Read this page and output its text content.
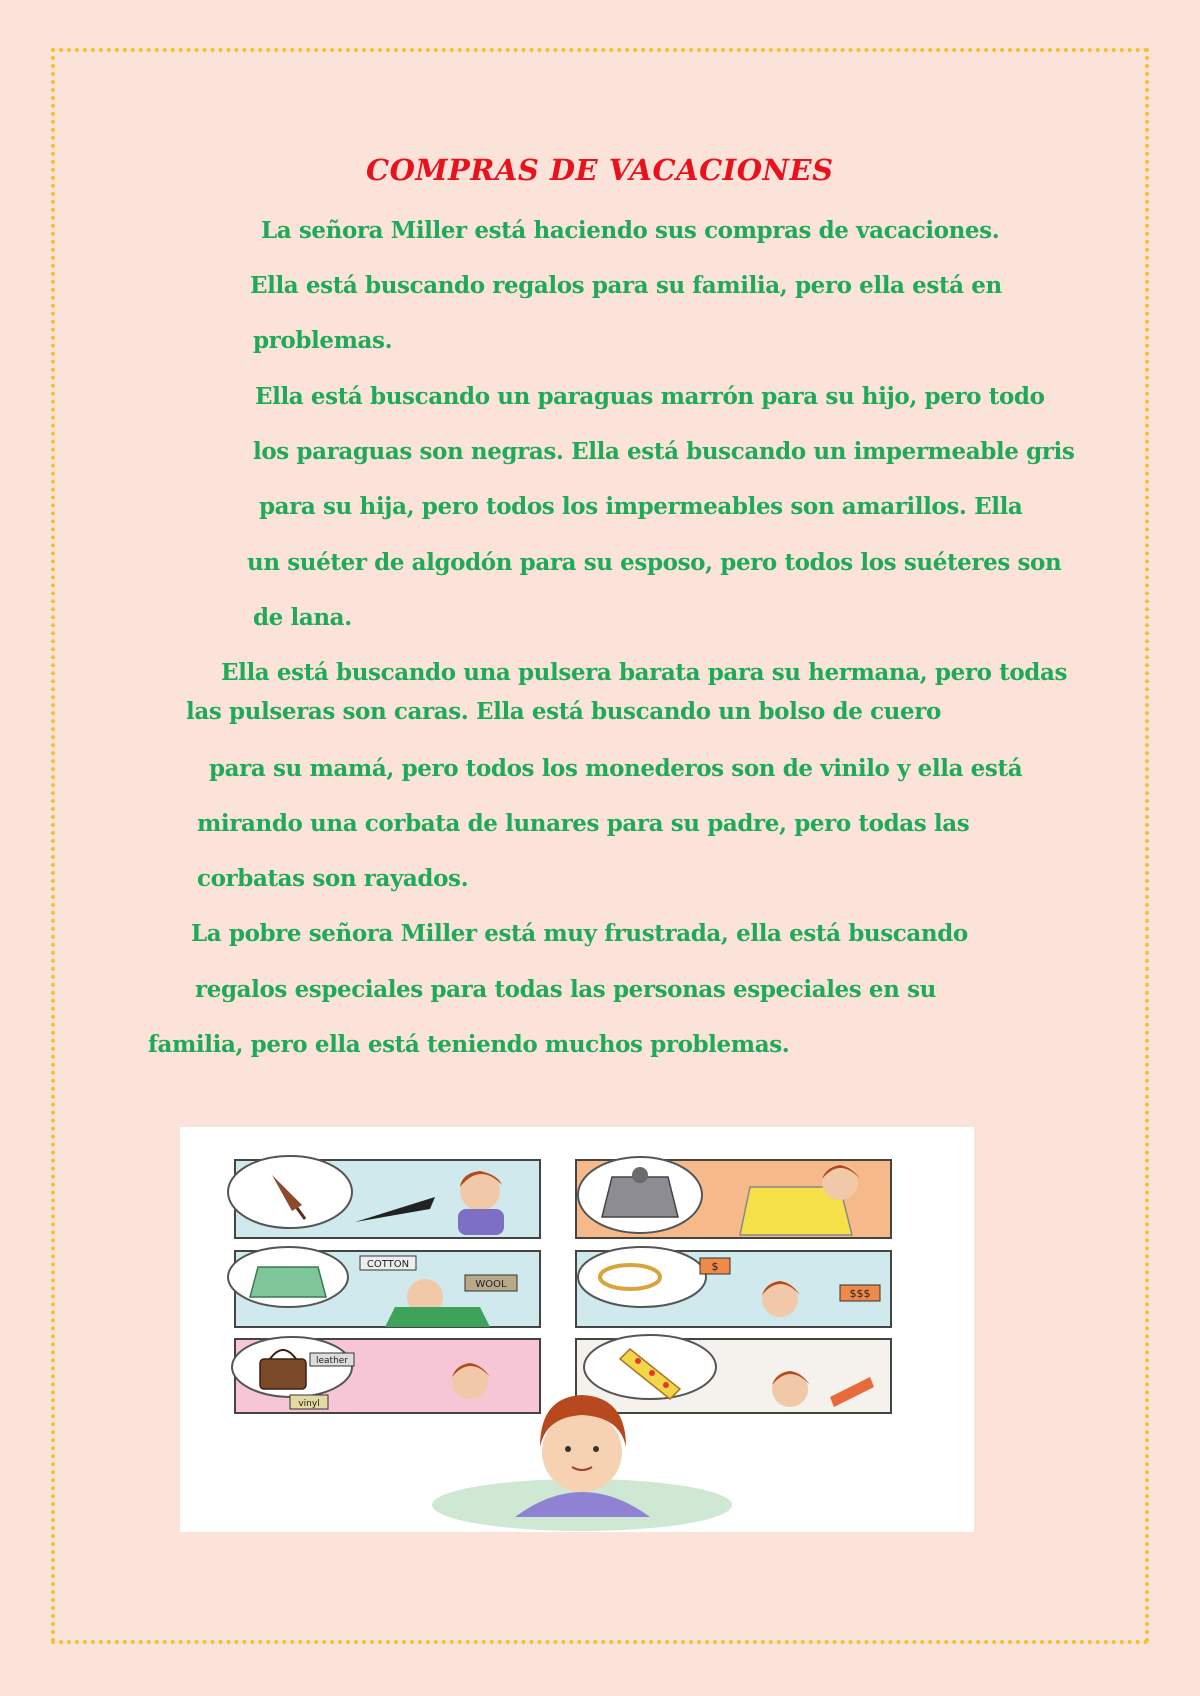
COMPRAS DE VACACIONES

La señora Miller está haciendo sus compras de vacaciones.

Ella está buscando regalos para su familia, pero ella está en

problemas.

Ella está buscando un paraguas marrón para su hijo, pero todo

los paraguas son negras. Ella está buscando un impermeable gris

para su hija, pero todos los impermeables son amarillos. Ella

un suéter de algodón para su esposo, pero todos los suéteres son

de lana.

Ella está buscando una pulsera barata para su hermana, pero todas

las pulseras son caras. Ella está buscando un bolso de cuero

para su mamá, pero todos los monederos son de vinilo y ella está

mirando una corbata de lunares para su padre, pero todas las

corbatas son rayados.

La pobre señora Miller está muy frustrada, ella está buscando

regalos especiales para todas las personas especiales en su

familia, pero ella está teniendo muchos problemas.

COTTON
WOOL
$
$$$
leather
vinyl
